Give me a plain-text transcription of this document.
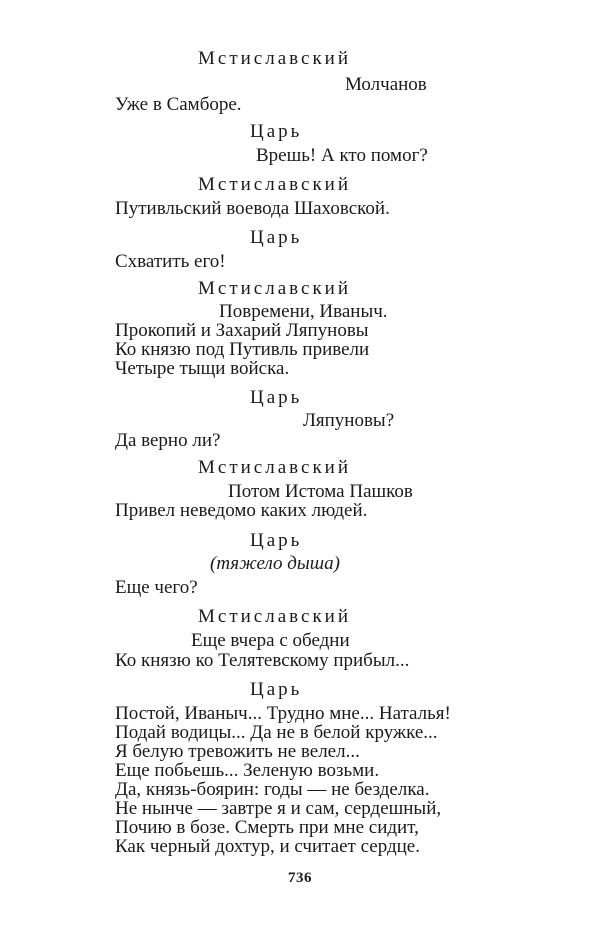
Мстиславский
Молчанов
Уже в Самборе.
Царь
Врешь! А кто помог?
Мстиславский
Путивльский воевода Шаховской.
Царь
Схватить его!
Мстиславский
Повремени, Иваныч.
Прокопий и Захарий Ляпуновы
Ко князю под Путивль привели
Четыре тыщи войска.
Царь
Ляпуновы?
Да верно ли?
Мстиславский
Потом Истома Пашков
Привел неведомо каких людей.
Царь
(тяжело дыша)
Еще чего?
Мстиславский
Еще вчера с обедни
Ко князю ко Телятевскому прибыл...
Царь
Постой, Иваныч... Трудно мне... Наталья!
Подай водицы... Да не в белой кружке...
Я белую тревожить не велел...
Еще побьешь... Зеленую возьми.
Да, князь-боярин: годы — не безделка.
Не нынче — завтре я и сам, сердешный,
Почию в бозе. Смерть при мне сидит,
Как черный дохтур, и считает сердце.
736
